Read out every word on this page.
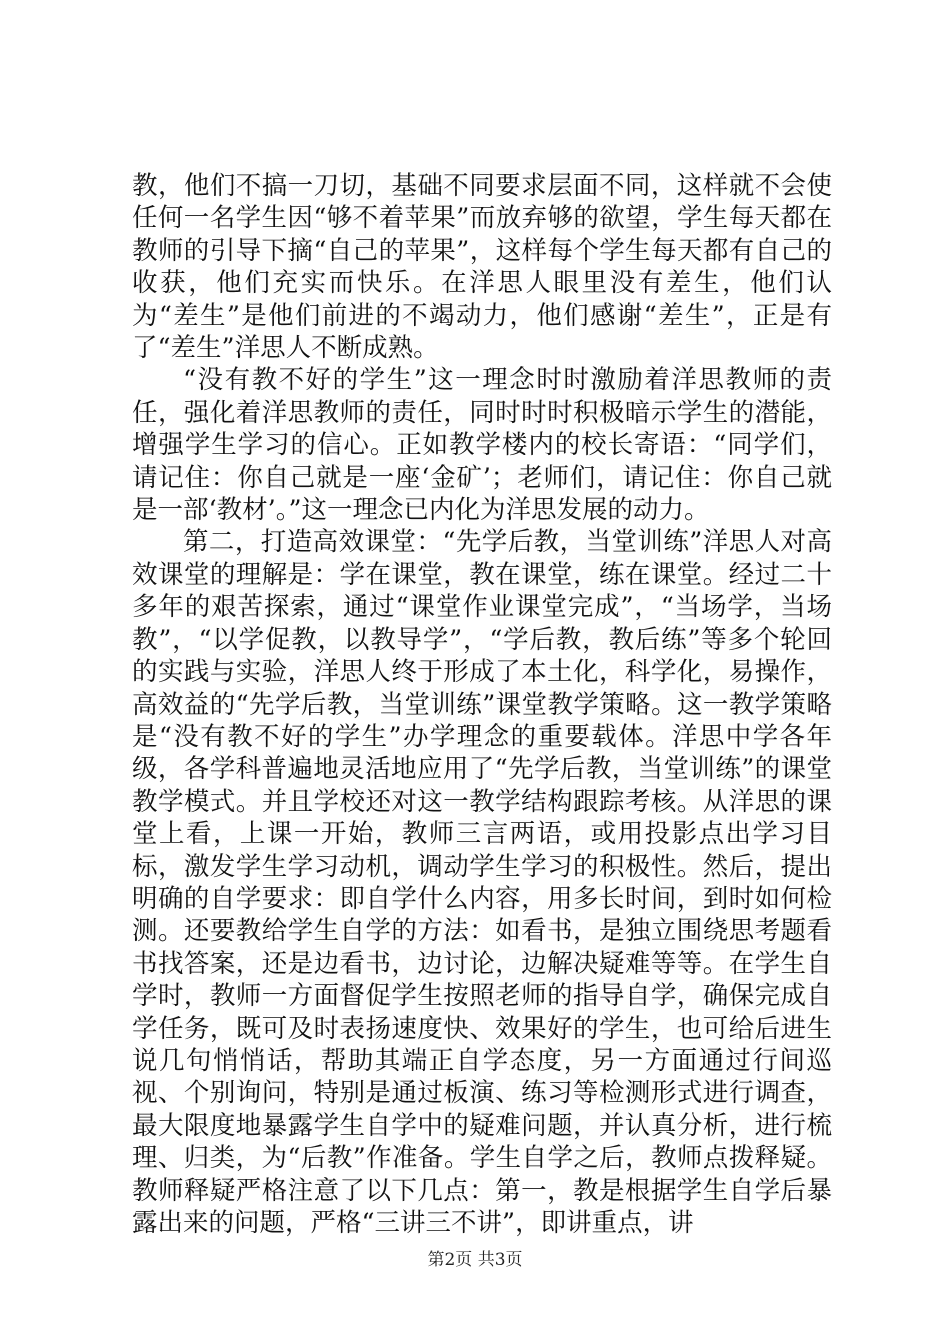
教，他们不搞一刀切，基础不同要求层面不同，这样就不会使任何一名学生因“够不着苹果”而放弃够的欲望，学生每天都在教师的引导下摘“自己的苹果”，这样每个学生每天都有自己的收获，他们充实而快乐。在洋思人眼里没有差生，他们认为“差生”是他们前进的不竭动力，他们感谢“差生”，正是有了“差生”洋思人不断成熟。

“没有教不好的学生”这一理念时时激励着洋思教师的责任，强化着洋思教师的责任，同时时时积极暗示学生的潜能，增强学生学习的信心。正如教学楼内的校长寄语：“同学们，请记住：你自己就是一座‘金矿’；老师们，请记住：你自己就是一部‘教材’。”这一理念已内化为洋思发展的动力。

第二，打造高效课堂：“先学后教，当堂训练”洋思人对高效课堂的理解是：学在课堂，教在课堂，练在课堂。经过二十多年的艰苦探索，通过“课堂作业课堂完成”，“当场学，当场教”，“以学促教，以教导学”，“学后教，教后练”等多个轮回的实践与实验，洋思人终于形成了本土化，科学化，易操作，高效益的“先学后教，当堂训练”课堂教学策略。这一教学策略是“没有教不好的学生”办学理念的重要载体。洋思中学各年级，各学科普遍地灵活地应用了“先学后教，当堂训练”的课堂教学模式。并且学校还对这一教学结构跟踪考核。从洋思的课堂上看，上课一开始，教师三言两语，或用投影点出学习目标，激发学生学习动机，调动学生学习的积极性。然后，提出明确的自学要求：即自学什么内容，用多长时间，到时如何检测。还要教给学生自学的方法：如看书，是独立围绕思考题看书找答案，还是边看书，边讨论，边解决疑难等等。在学生自学时，教师一方面督促学生按照老师的指导自学，确保完成自学任务，既可及时表扬速度快、效果好的学生，也可给后进生说几句悄悄话，帮助其端正自学态度，另一方面通过行间巡视、个别询问，特别是通过板演、练习等检测形式进行调查，最大限度地暴露学生自学中的疑难问题，并认真分析，进行梳理、归类，为“后教”作准备。学生自学之后，教师点拨释疑。教师释疑严格注意了以下几点：第一，教是根据学生自学后暴露出来的问题，严格“三讲三不讲”，即讲重点，讲

第2页 共3页
